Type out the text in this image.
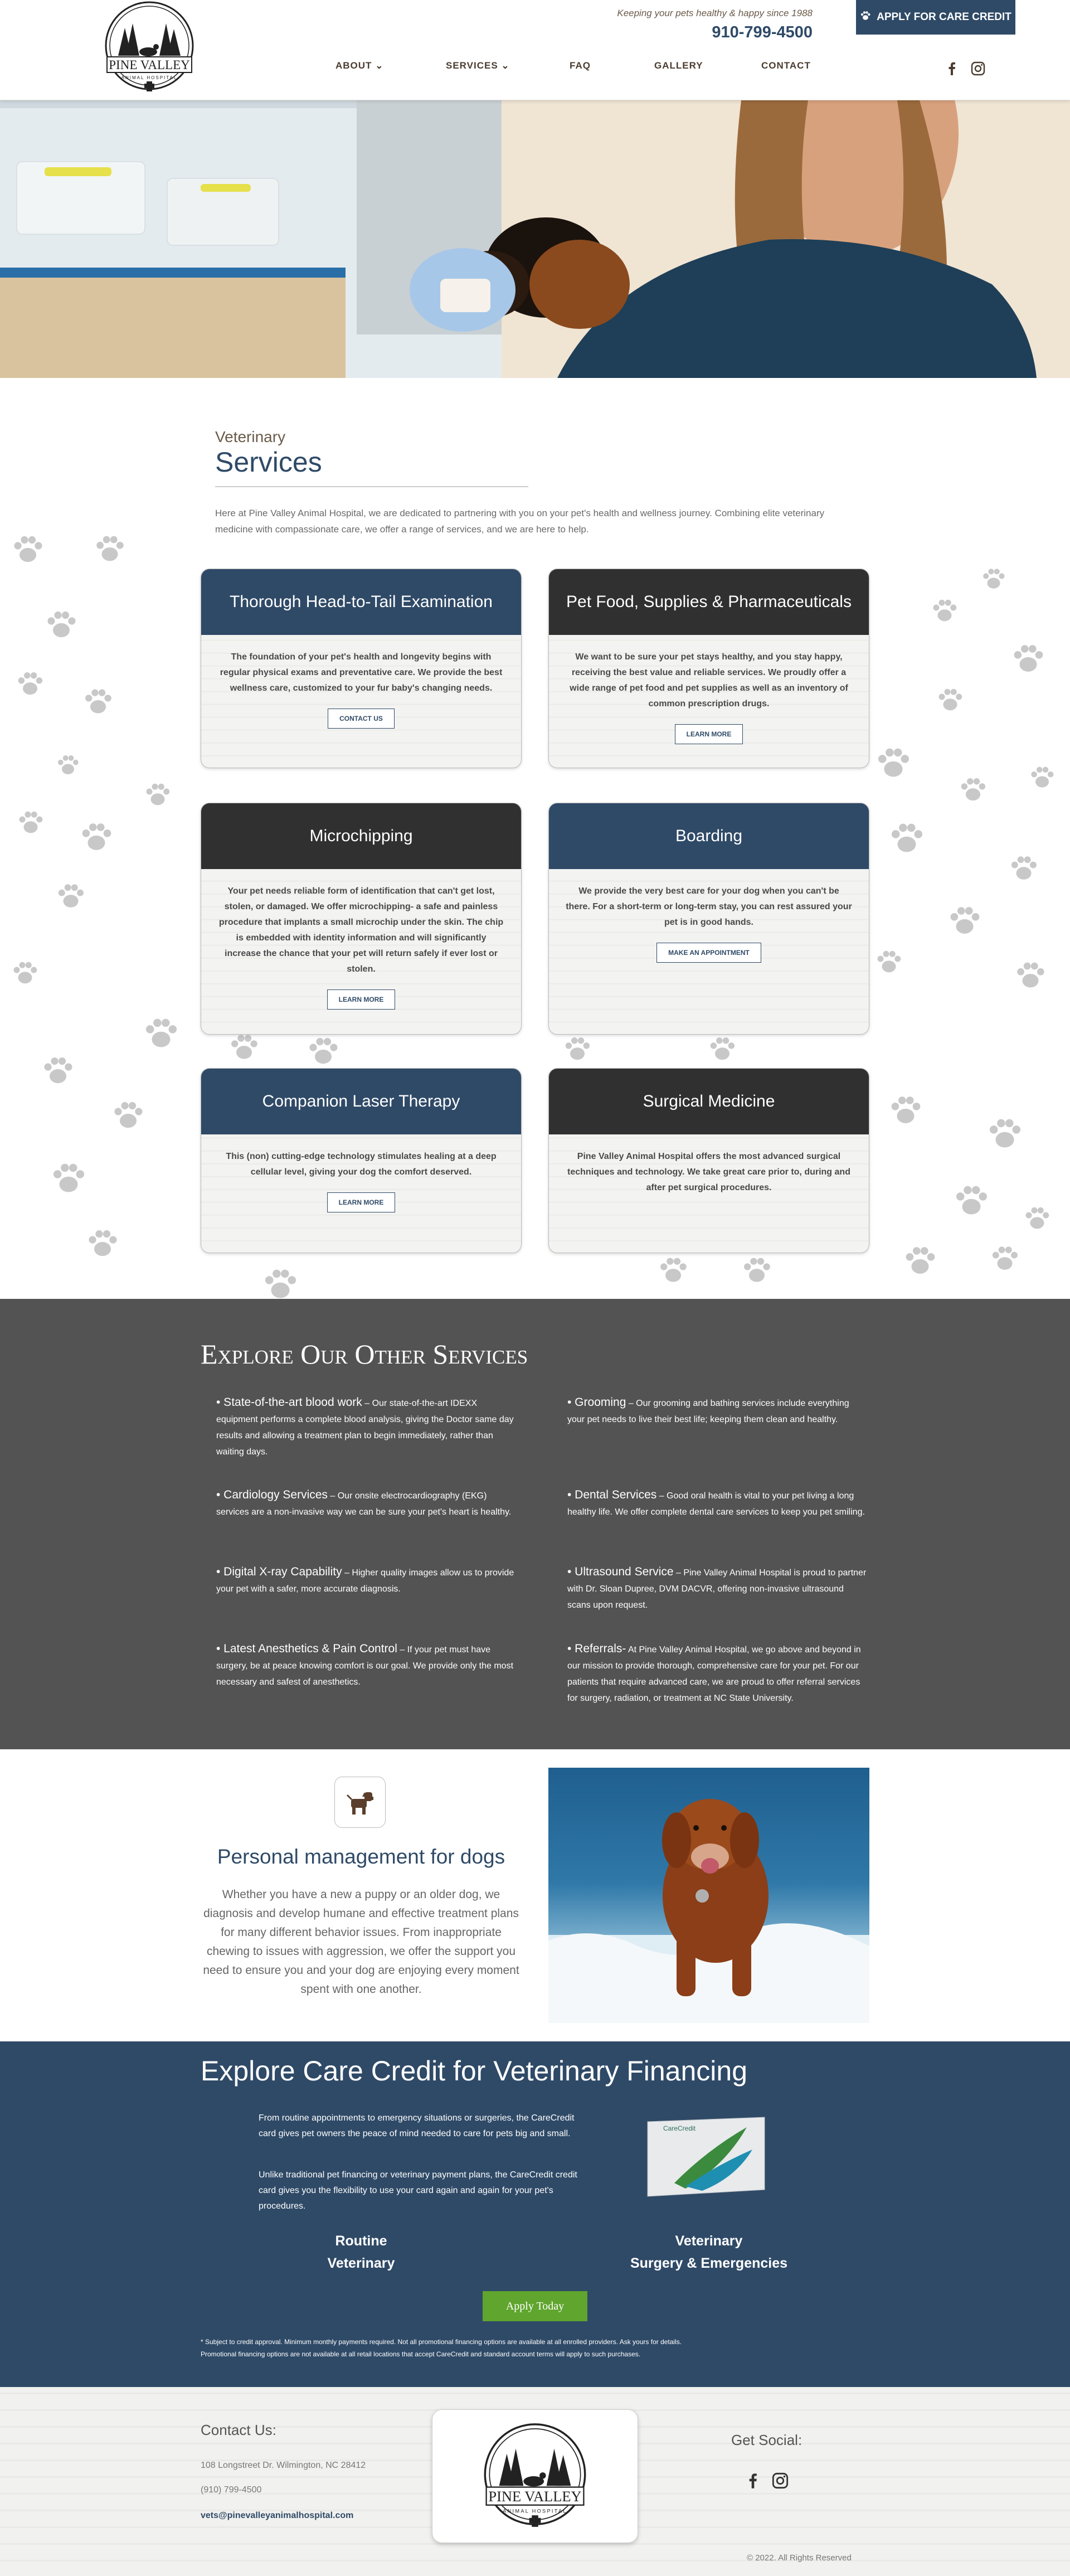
PINE VALLEY
ANIMAL HOSPITAL
Keeping your pets healthy & happy since 1988
910-799-4500
APPLY FOR CARE CREDIT
ABOUT ⌄	SERVICES ⌄	FAQ	GALLERY	CONTACT
Veterinary
Services
Here at Pine Valley Animal Hospital, we are dedicated to partnering with you on your pet's health and wellness journey. Combining elite veterinary medicine with compassionate care, we offer a range of services, and we are here to help.
Thorough Head-to-Tail Examination
The foundation of your pet's health and longevity begins with regular physical exams and preventative care. We provide the best wellness care, customized to your fur baby's changing needs.
CONTACT US
Pet Food, Supplies & Pharmaceuticals
We want to be sure your pet stays healthy, and you stay happy, receiving the best value and reliable services. We proudly offer a wide range of pet food and pet supplies as well as an inventory of common prescription drugs.
LEARN MORE
Microchipping
Your pet needs reliable form of identification that can't get lost, stolen, or damaged. We offer microchipping- a safe and painless procedure that implants a small microchip under the skin. The chip is embedded with identity information and will significantly increase the chance that your pet will return safely if ever lost or stolen.
LEARN MORE
Boarding
We provide the very best care for your dog when you can't be there. For a short-term or long-term stay, you can rest assured your pet is in good hands.
MAKE AN APPOINTMENT
Companion Laser Therapy
This (non) cutting-edge technology stimulates healing at a deep cellular level, giving your dog the comfort deserved.
LEARN MORE
Surgical Medicine
Pine Valley Animal Hospital offers the most advanced surgical techniques and technology. We take great care prior to, during and after pet surgical procedures.
Explore Our Other Services
• State-of-the-art blood work – Our state-of-the-art IDEXX equipment performs a complete blood analysis, giving the Doctor same day results and allowing a treatment plan to begin immediately, rather than waiting days.
• Grooming – Our grooming and bathing services include everything your pet needs to live their best life; keeping them clean and healthy.
• Cardiology Services – Our onsite electrocardiography (EKG) services are a non-invasive way we can be sure your pet's heart is healthy.
• Dental Services – Good oral health is vital to your pet living a long healthy life. We offer complete dental care services to keep you pet smiling.
• Digital X-ray Capability – Higher quality images allow us to provide your pet with a safer, more accurate diagnosis.
• Ultrasound Service – Pine Valley Animal Hospital is proud to partner with Dr. Sloan Dupree, DVM DACVR, offering non-invasive ultrasound scans upon request.
• Latest Anesthetics & Pain Control – If your pet must have surgery, be at peace knowing comfort is our goal. We provide only the most necessary and safest of anesthetics.
• Referrals- At Pine Valley Animal Hospital, we go above and beyond in our mission to provide thorough, comprehensive care for your pet. For our patients that require advanced care, we are proud to offer referral services for surgery, radiation, or treatment at NC State University.
Personal management for dogs
Whether you have a new a puppy or an older dog, we diagnosis and develop humane and effective treatment plans for many different behavior issues. From inappropriate chewing to issues with aggression, we offer the support you need to ensure you and your dog are enjoying every moment spent with one another.
Explore Care Credit for Veterinary Financing
From routine appointments to emergency situations or surgeries, the CareCredit card gives pet owners the peace of mind needed to care for pets big and small.
Unlike traditional pet financing or veterinary payment plans, the CareCredit credit card gives you the flexibility to use your card again and again for your pet's procedures.
CareCredit
Routine
Veterinary
Veterinary
Surgery & Emergencies
Apply Today
* Subject to credit approval. Minimum monthly payments required. Not all promotional financing options are available at all enrolled providers. Ask yours for details.
Promotional financing options are not available at all retail locations that accept CareCredit and standard account terms will apply to such purchases.
Contact Us:
108 Longstreet Dr. Wilmington, NC 28412
(910) 799-4500
vets@pinevalleyanimalhospital.com
PINE VALLEY
ANIMAL HOSPITAL
Get Social:
© 2022. All Rights Reserved
